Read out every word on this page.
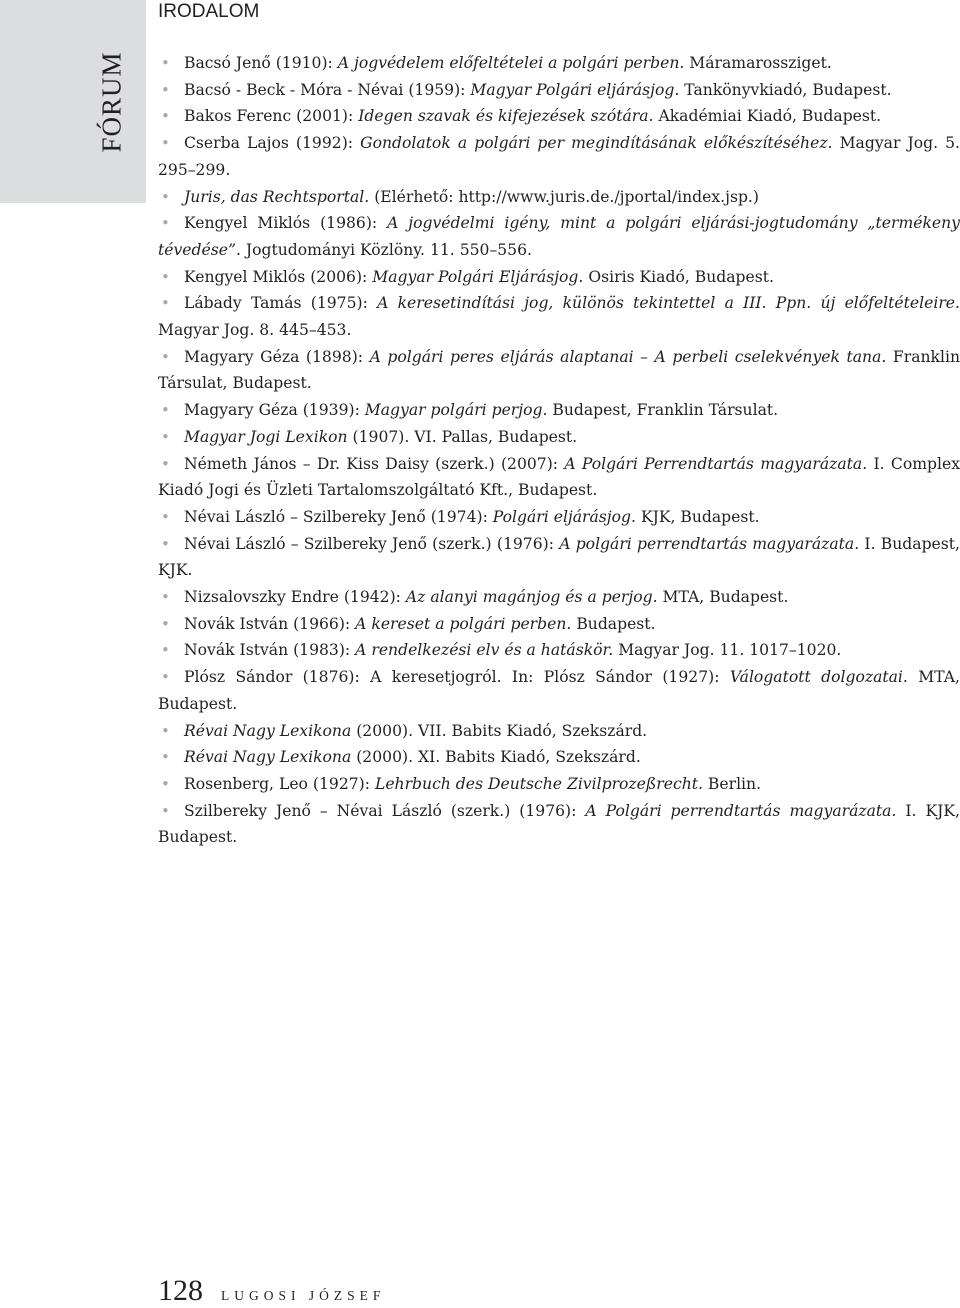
FÓRUM
IRODALOM
• Bacsó Jenő (1910): A jogvédelem előfeltételei a polgári perben. Máramarossziget.
• Bacsó - Beck - Móra - Névai (1959): Magyar Polgári eljárásjog. Tankönyvkiadó, Budapest.
• Bakos Ferenc (2001): Idegen szavak és kifejezések szótára. Akadémiai Kiadó, Budapest.
• Cserba Lajos (1992): Gondolatok a polgári per megindításának előkészítéséhez. Magyar Jog. 5. 295–299.
• Juris, das Rechtsportal. (Elérhető: http://www.juris.de./jportal/index.jsp.)
• Kengyel Miklós (1986): A jogvédelmi igény, mint a polgári eljárási-jogtudomány „termékeny tévedése”. Jogtudományi Közlöny. 11. 550–556.
• Kengyel Miklós (2006): Magyar Polgári Eljárásjog. Osiris Kiadó, Budapest.
• Lábady Tamás (1975): A keresetindítási jog, különös tekintettel a III. Ppn. új előfeltételeire. Magyar Jog. 8. 445–453.
• Magyary Géza (1898): A polgári peres eljárás alaptanai – A perbeli cselekvények tana. Franklin Társulat, Budapest.
• Magyary Géza (1939): Magyar polgári perjog. Budapest, Franklin Társulat.
• Magyar Jogi Lexikon (1907). VI. Pallas, Budapest.
• Németh János – Dr. Kiss Daisy (szerk.) (2007): A Polgári Perrendtartás magyarázata. I. Complex Kiadó Jogi és Üzleti Tartalomszolgáltató Kft., Budapest.
• Névai László – Szilbereky Jenő (1974): Polgári eljárásjog. KJK, Budapest.
• Névai László – Szilbereky Jenő (szerk.) (1976): A polgári perrendtartás magyarázata. I. Budapest, KJK.
• Nizsalovszky Endre (1942): Az alanyi magánjog és a perjog. MTA, Budapest.
• Novák István (1966): A kereset a polgári perben. Budapest.
• Novák István (1983): A rendelkezési elv és a hatáskör. Magyar Jog. 11. 1017–1020.
• Plósz Sándor (1876): A keresetjogról. In: Plósz Sándor (1927): Válogatott dolgozatai. MTA, Budapest.
• Révai Nagy Lexikona (2000). VII. Babits Kiadó, Szekszárd.
• Révai Nagy Lexikona (2000). XI. Babits Kiadó, Szekszárd.
• Rosenberg, Leo (1927): Lehrbuch des Deutsche Zivilprozeßrecht. Berlin.
• Szilbereky Jenő – Névai László (szerk.) (1976): A Polgári perrendtartás magyarázata. I. KJK, Budapest.
128 LUGOSI JÓZSEF
